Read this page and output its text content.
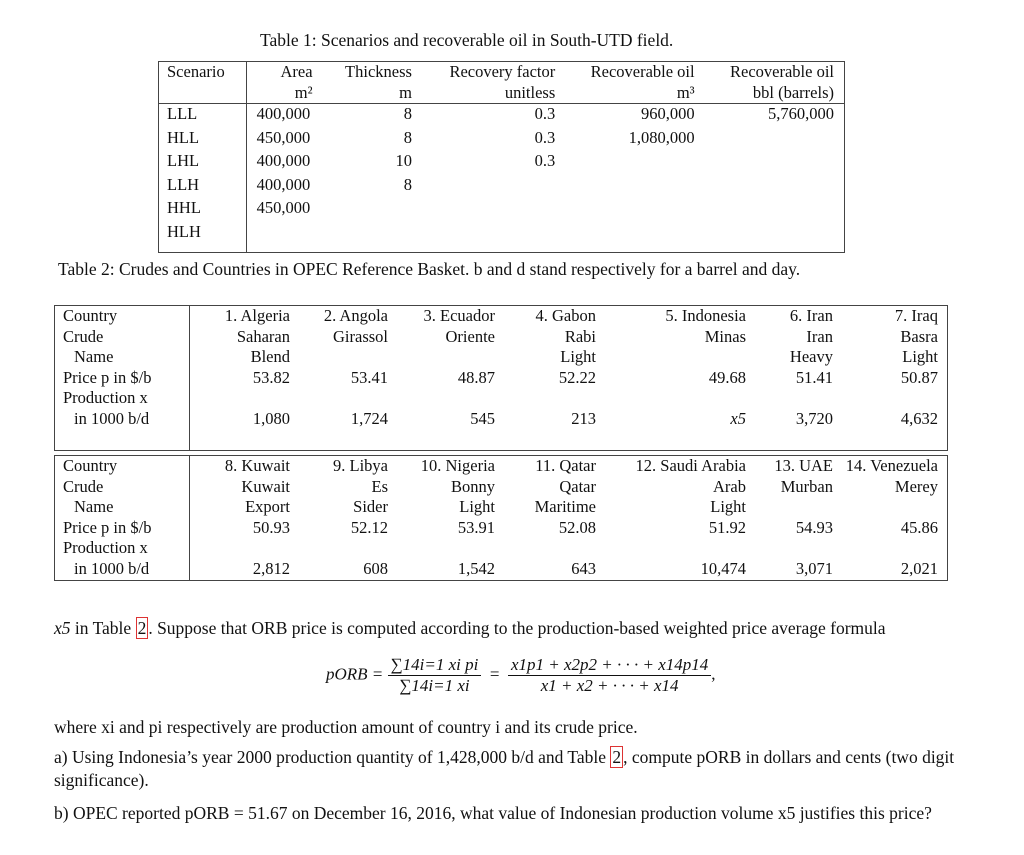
Table 1: Scenarios and recoverable oil in South-UTD field.
Scenario	Area	Thickness	Recovery factor	Recoverable oil	Recoverable oil
	m²	m	unitless	m³	bbl (barrels)
LLL	400,000	8	0.3	960,000	5,760,000
HLL	450,000	8	0.3	1,080,000	
LHL	400,000	10	0.3		
LLH	400,000	8			
HHL	450,000				
HLH					
Table 2: Crudes and Countries in OPEC Reference Basket. b and d stand respectively for a barrel and day.
Country	1. Algeria	2. Angola	3. Ecuador	4. Gabon	5. Indonesia	6. Iran	7. Iraq
Crude	Saharan	Girassol	Oriente	Rabi	Minas	Iran	Basra
Name	Blend			Light		Heavy	Light
Price p in $/b	53.82	53.41	48.87	52.22	49.68	51.41	50.87
Production x							
in 1000 b/d	1,080	1,724	545	213	x5	3,720	4,632

Country	8. Kuwait	9. Libya	10. Nigeria	11. Qatar	12. Saudi Arabia	13. UAE	14. Venezuela
Crude	Kuwait	Es	Bonny	Qatar	Arab	Murban	Merey
Name	Export	Sider	Light	Maritime	Light		
Price p in $/b	50.93	52.12	53.91	52.08	51.92	54.93	45.86
Production x							
in 1000 b/d	2,812	608	1,542	643	10,474	3,071	2,021

x5 in Table 2 . Suppose that ORB price is computed according to the production-based weighted price average formula

pORB = $\frac{\text{∑14i=1 xi pi}}{\sum 14i=1 xi} = \frac{x1p1 + x2p2 + \cdot \cdot \cdot + x14p14}{x1 + x2 + \cdot \cdot \cdot + x14}$ ,

where xi and pi respectively are production amount of country i and its crude price.

a) Using Indonesia’s year 2000 production quantity of 1,428,000 b/d and Table 2 , compute pORB in dollars and cents (two digit significance).

b) OPEC reported pORB = 51.67 on December 16, 2016, what value of Indonesian production volume x5 justifies this price?
